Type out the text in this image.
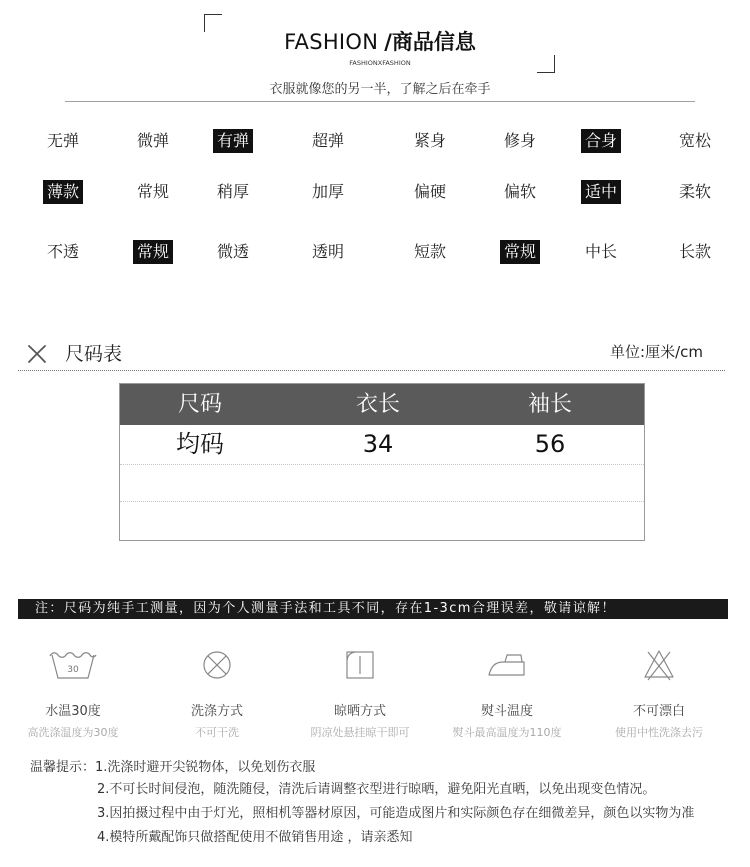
FASHION /商品信息
FASHIONXFASHION
衣服就像您的另一半，了解之后在牵手
无弹	微弹	有弹	超弹	紧身	修身	合身	宽松
薄款	常规	稍厚	加厚	偏硬	偏软	适中	柔软
不透	常规	微透	透明	短款	常规	中长	长款
尺码表	单位:厘米/cm
尺码	衣长	袖长
均码	34	56
注：尺码为纯手工测量，因为个人测量手法和工具不同，存在1-3cm合理误差，敬请谅解！
30
水温30度
高洗涤温度为30度
洗涤方式
不可干洗
晾晒方式
阴凉处悬挂晾干即可
熨斗温度
熨斗最高温度为110度
不可漂白
使用中性洗涤去污
温馨提示：1.洗涤时避开尖锐物体，以免划伤衣服
2.不可长时间侵泡，随洗随侵，清洗后请调整衣型进行晾晒，避免阳光直晒，以免出现变色情况。
3.因拍摄过程中由于灯光，照相机等器材原因，可能造成图片和实际颜色存在细微差异，颜色以实物为准
4.模特所戴配饰只做搭配使用不做销售用途 ，请亲悉知
